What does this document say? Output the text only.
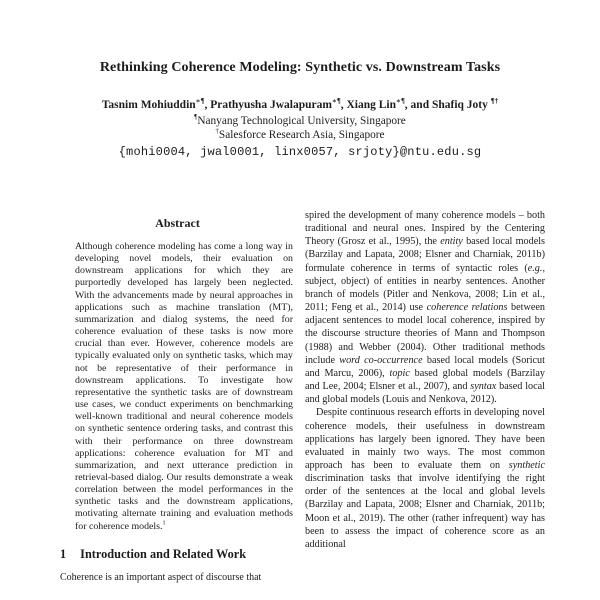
Rethinking Coherence Modeling: Synthetic vs. Downstream Tasks
Tasnim Mohiuddin∗¶, Prathyusha Jwalapuram∗¶, Xiang Lin∗¶, and Shafiq Joty ¶†
¶Nanyang Technological University, Singapore
†Salesforce Research Asia, Singapore
{mohi0004, jwal0001, linx0057, srjoty}@ntu.edu.sg
Abstract

Although coherence modeling has come a long way in developing novel models, their evaluation on downstream applications for which they are purportedly developed has largely been neglected. With the advancements made by neural approaches in applications such as machine translation (MT), summarization and dialog systems, the need for coherence evaluation of these tasks is now more crucial than ever. However, coherence models are typically evaluated only on synthetic tasks, which may not be representative of their performance in downstream applications. To investigate how representative the synthetic tasks are of downstream use cases, we conduct experiments on benchmarking well-known traditional and neural coherence models on synthetic sentence ordering tasks, and contrast this with their performance on three downstream applications: coherence evaluation for MT and summarization, and next utterance prediction in retrieval-based dialog. Our results demonstrate a weak correlation between the model performances in the synthetic tasks and the downstream applications, motivating alternate training and evaluation methods for coherence models.$^1$

1 Introduction and Related Work

Coherence is an important aspect of discourse that

spired the development of many coherence models – both traditional and neural ones. Inspired by the Centering Theory (Grosz et al., 1995), the entity based local models (Barzilay and Lapata, 2008; Elsner and Charniak, 2011b) formulate coherence in terms of syntactic roles (e.g., subject, object) of entities in nearby sentences. Another branch of models (Pitler and Nenkova, 2008; Lin et al., 2011; Feng et al., 2014) use coherence relations between adjacent sentences to model local coherence, inspired by the discourse structure theories of Mann and Thompson (1988) and Webber (2004). Other traditional methods include word co-occurrence based local models (Soricut and Marcu, 2006), topic based global models (Barzilay and Lee, 2004; Elsner et al., 2007), and syntax based local and global models (Louis and Nenkova, 2012).

Despite continuous research efforts in developing novel coherence models, their usefulness in downstream applications has largely been ignored. They have been evaluated in mainly two ways. The most common approach has been to evaluate them on synthetic discrimination tasks that involve identifying the right order of the sentences at the local and global levels (Barzilay and Lapata, 2008; Elsner and Charniak, 2011b; Moon et al., 2019). The other (rather infrequent) way has been to assess the impact of coherence score as an additional
